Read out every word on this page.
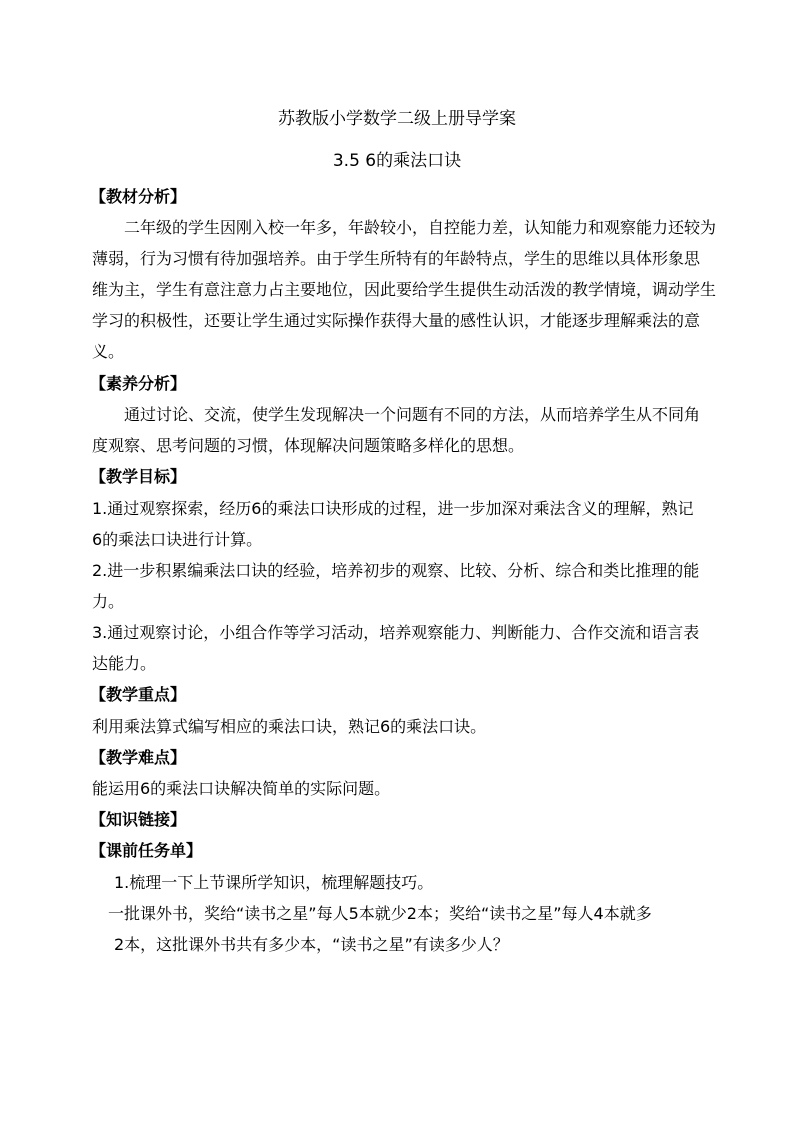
苏教版小学数学二级上册导学案
3.5 6的乘法口诀
【教材分析】
二年级的学生因刚入校一年多，年龄较小，自控能力差，认知能力和观察能力还较为
薄弱，行为习惯有待加强培养。由于学生所特有的年龄特点，学生的思维以具体形象思
维为主，学生有意注意力占主要地位，因此要给学生提供生动活泼的教学情境，调动学生
学习的积极性，还要让学生通过实际操作获得大量的感性认识，才能逐步理解乘法的意
义。
【素养分析】
通过讨论、交流，使学生发现解决一个问题有不同的方法，从而培养学生从不同角
度观察、思考问题的习惯，体现解决问题策略多样化的思想。
【教学目标】
1.通过观察探索，经历6的乘法口诀形成的过程，进一步加深对乘法含义的理解，熟记
6的乘法口诀进行计算。
2.进一步积累编乘法口诀的经验，培养初步的观察、比较、分析、综合和类比推理的能
力。
3.通过观察讨论，小组合作等学习活动，培养观察能力、判断能力、合作交流和语言表
达能力。
【教学重点】
利用乘法算式编写相应的乘法口诀，熟记6的乘法口诀。
【教学难点】
能运用6的乘法口诀解决简单的实际问题。
【知识链接】
【课前任务单】
1.梳理一下上节课所学知识，梳理解题技巧。
一批课外书，奖给“读书之星”每人5本就少2本；奖给“读书之星”每人4本就多
2本，这批课外书共有多少本，“读书之星”有读多少人？
